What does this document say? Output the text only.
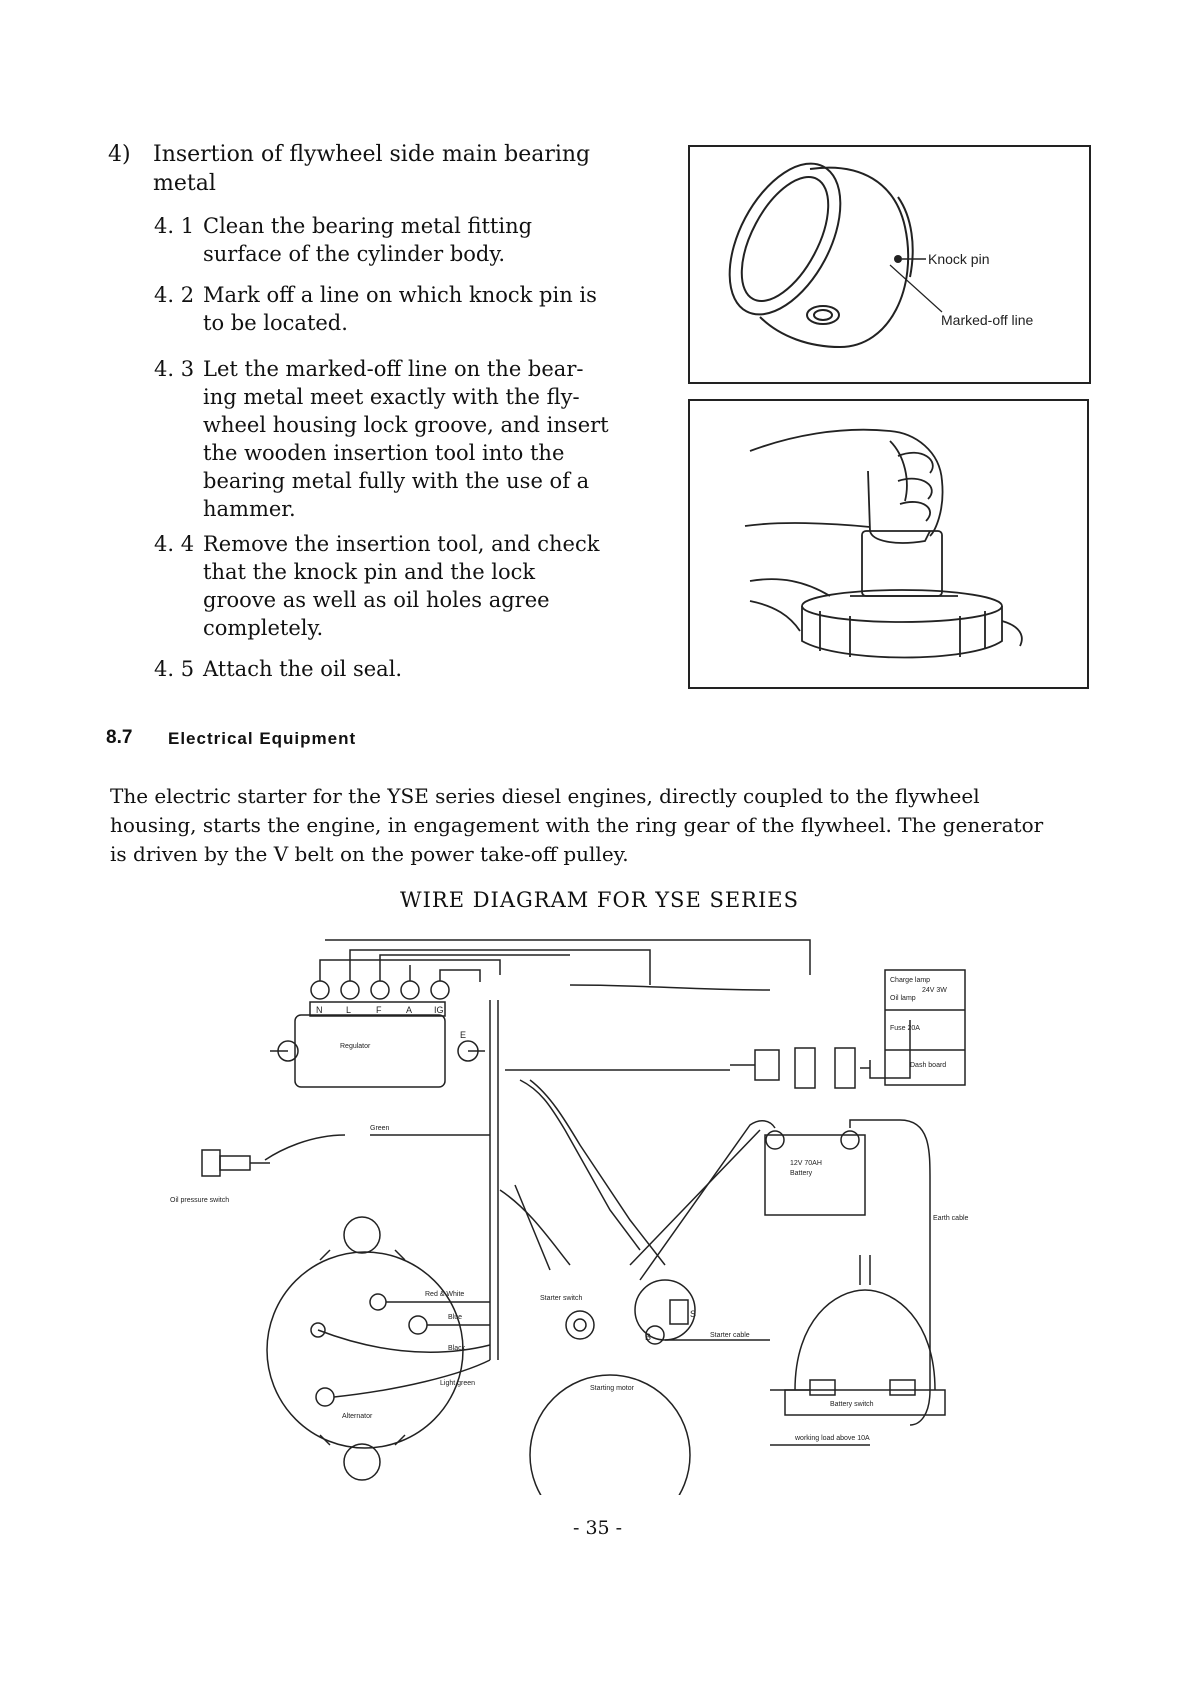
4) Insertion of flywheel side main bearing metal
4. 1 Clean the bearing metal fitting surface of the cylinder body.
4. 2 Mark off a line on which knock pin is to be located.
4. 3 Let the marked-off line on the bear- ing metal meet exactly with the fly- wheel housing lock groove, and insert the wooden insertion tool into the bearing metal fully with the use of a hammer.
4. 4 Remove the insertion tool, and check that the knock pin and the lock groove as well as oil holes agree completely.
4. 5 Attach the oil seal.
Knock pin
Marked-off line
8.7 Electrical Equipment
The electric starter for the YSE series diesel engines, directly coupled to the flywheel
housing, starts the engine, in engagement with the ring gear of the flywheel. The generator
is driven by the V belt on the power take-off pulley.
WIRE DIAGRAM FOR YSE SERIES
Regulator
Green
Oil pressure switch
Red & White
Blue
Black
Light green
Alternator
Starting motor
Starter switch
Starter cable
Battery
12V 70AH
Battery switch
Charge lamp
Oil lamp
24V 3W
Fuse 20A
Dash board
Earth cable
working load above 10A
N	L	F	A IG
E
B
S
- 35 -
